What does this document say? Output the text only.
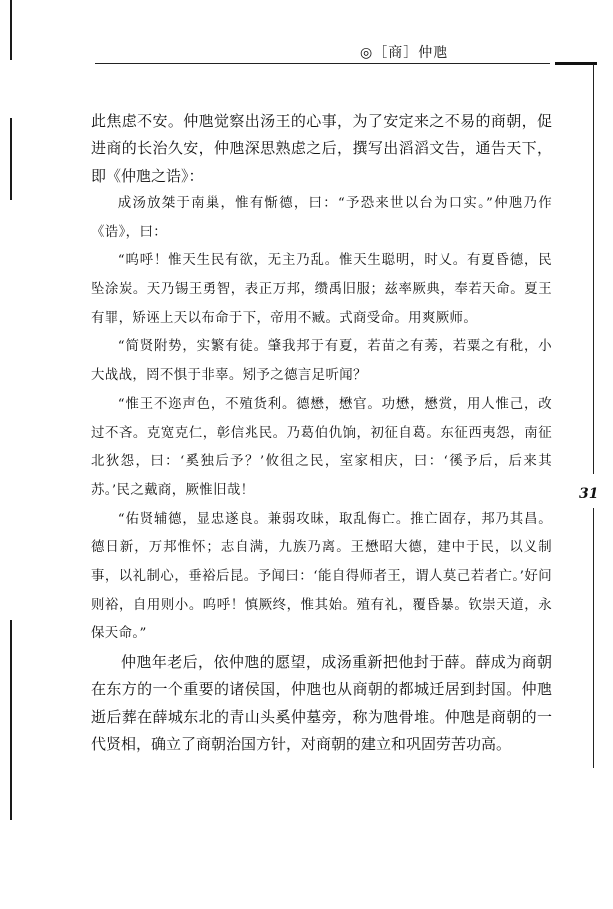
◎［商］仲虺
31

此焦虑不安。仲虺觉察出汤王的心事，为了安定来之不易的商朝，促进商的长治久安，仲虺深思熟虑之后，撰写出滔滔文告，通告天下，即《仲虺之诰》：

成汤放桀于南巢，惟有惭德，曰：“予恐来世以台为口实。”仲虺乃作《诰》，曰：

“呜呼！惟天生民有欲，无主乃乱。惟天生聪明，时乂。有夏昏德，民坠涂炭。天乃锡王勇智，表正万邦，缵禹旧服；兹率厥典，奉若天命。夏王有罪，矫诬上天以布命于下，帝用不臧。式商受命。用爽厥师。

“简贤附势，实繁有徒。肇我邦于有夏，若苗之有莠，若粟之有秕，小大战战，罔不惧于非辜。矧予之德言足听闻？

“惟王不迩声色，不殖货利。德懋，懋官。功懋，懋赏，用人惟己，改过不吝。克宽克仁，彰信兆民。乃葛伯仇饷，初征自葛。东征西夷怨，南征北狄怨，曰：‘奚独后予？’攸徂之民，室家相庆，曰：‘徯予后，后来其苏。’民之戴商，厥惟旧哉！

“佑贤辅德，显忠遂良。兼弱攻昧，取乱侮亡。推亡固存，邦乃其昌。德日新，万邦惟怀；志自满，九族乃离。王懋昭大德，建中于民，以义制事，以礼制心，垂裕后昆。予闻曰：‘能自得师者王，谓人莫己若者亡。’好问则裕，自用则小。呜呼！慎厥终，惟其始。殖有礼，覆昏暴。钦崇天道，永保天命。”

仲虺年老后，依仲虺的愿望，成汤重新把他封于薛。薛成为商朝在东方的一个重要的诸侯国，仲虺也从商朝的都城迁居到封国。仲虺逝后葬在薛城东北的青山头奚仲墓旁，称为虺骨堆。仲虺是商朝的一代贤相，确立了商朝治国方针，对商朝的建立和巩固劳苦功高。
